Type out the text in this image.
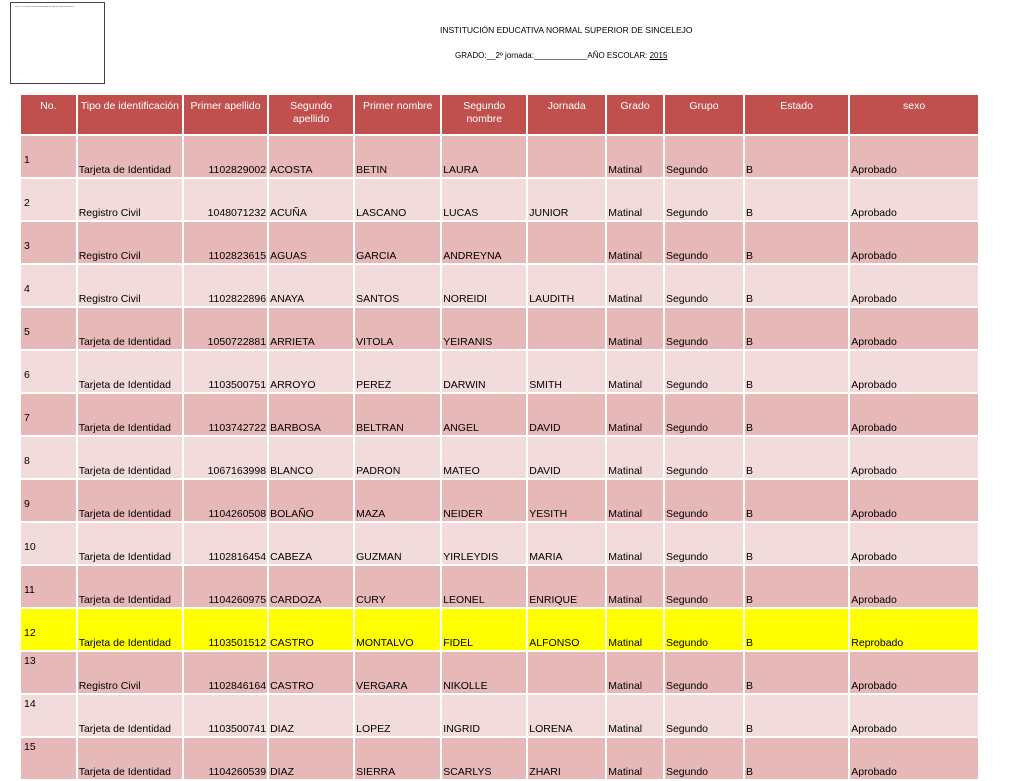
INSTITUCIÓN EDUCATIVA NORMAL SUPERIOR DE SINCELEJO
INSTITUCIÓN EDUCATIVA NORMAL SUPERIOR DE SINCELEJO
GRADO:__2º jornada:____________AÑO ESCOLAR: 2015
No.	Tipo de identificación	Primer apellido	Segundo apellido	Primer nombre	Segundo nombre	Jornada	Grado	Grupo	Estado	sexo

1	Tarjeta de Identidad	1102829002	ACOSTA	BETIN	LAURA		Matinal	Segundo	B	Aprobado

2	Registro Civil	1048071232	ACUÑA	LASCANO	LUCAS	JUNIOR	Matinal	Segundo	B	Aprobado

3	Registro Civil	1102823615	AGUAS	GARCIA	ANDREYNA		Matinal	Segundo	B	Aprobado

4	Registro Civil	1102822896	ANAYA	SANTOS	NOREIDI	LAUDITH	Matinal	Segundo	B	Aprobado

5	Tarjeta de Identidad	1050722881	ARRIETA	VITOLA	YEIRANIS		Matinal	Segundo	B	Aprobado

6	Tarjeta de Identidad	1103500751	ARROYO	PEREZ	DARWIN	SMITH	Matinal	Segundo	B	Aprobado

7	Tarjeta de Identidad	1103742722	BARBOSA	BELTRAN	ANGEL	DAVID	Matinal	Segundo	B	Aprobado

8	Tarjeta de Identidad	1067163998	BLANCO	PADRON	MATEO	DAVID	Matinal	Segundo	B	Aprobado

9	Tarjeta de Identidad	1104260508	BOLAÑO	MAZA	NEIDER	YESITH	Matinal	Segundo	B	Aprobado

10	Tarjeta de Identidad	1102816454	CABEZA	GUZMAN	YIRLEYDIS	MARIA	Matinal	Segundo	B	Aprobado

11	Tarjeta de Identidad	1104260975	CARDOZA	CURY	LEONEL	ENRIQUE	Matinal	Segundo	B	Aprobado

12	Tarjeta de Identidad	1103501512	CASTRO	MONTALVO	FIDEL	ALFONSO	Matinal	Segundo	B	Reprobado

13	Registro Civil	1102846164	CASTRO	VERGARA	NIKOLLE		Matinal	Segundo	B	Aprobado

14	Tarjeta de Identidad	1103500741	DIAZ	LOPEZ	INGRID	LORENA	Matinal	Segundo	B	Aprobado

15	Tarjeta de Identidad	1104260539	DIAZ	SIERRA	SCARLYS	ZHARI	Matinal	Segundo	B	Aprobado
